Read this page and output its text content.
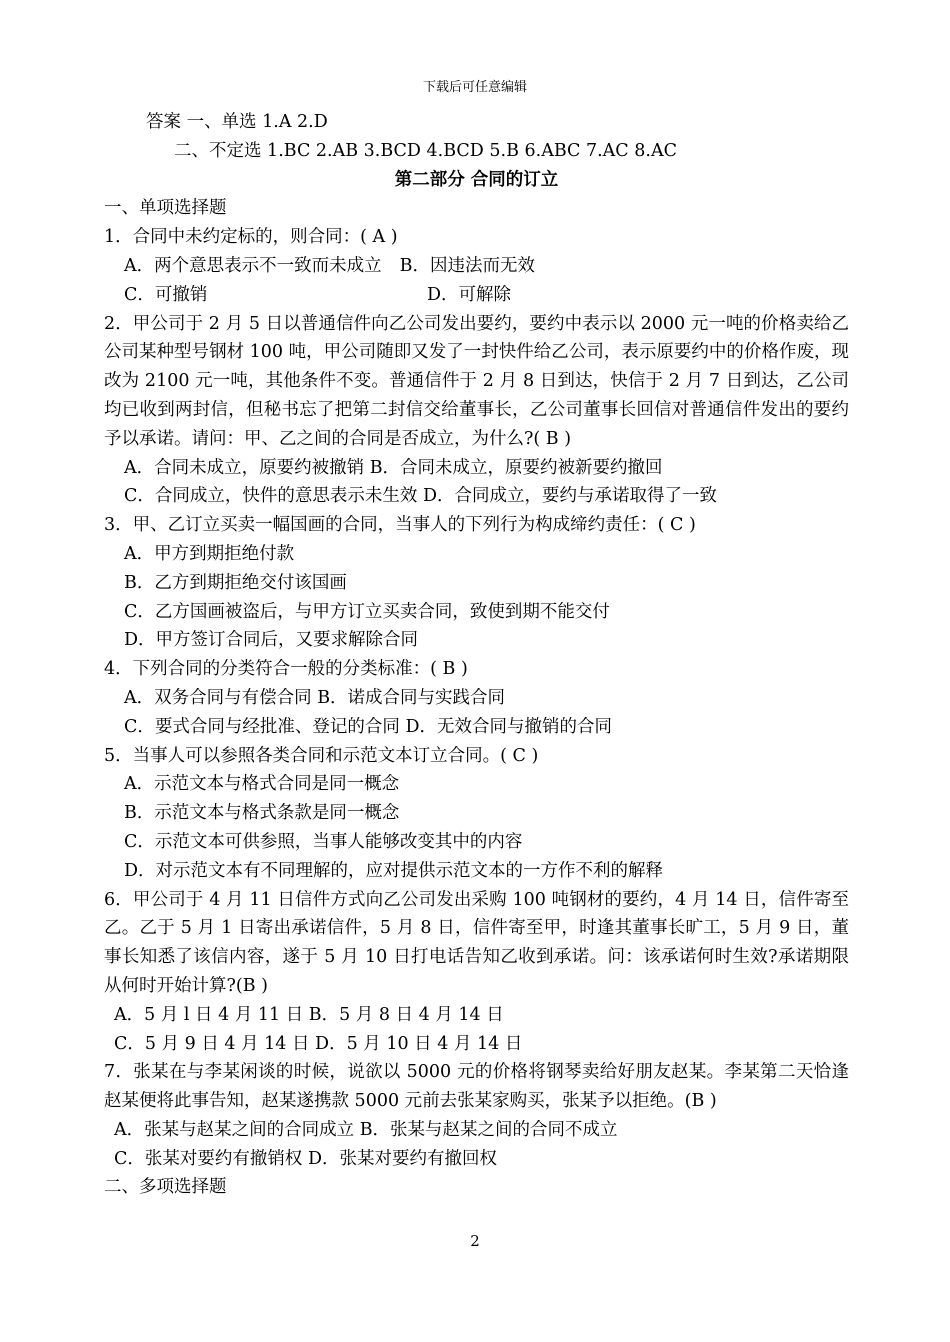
下载后可任意编辑
答案 一、单选 1.A 2.D
二、不定选 1.BC 2.AB 3.BCD 4.BCD 5.B 6.ABC 7.AC 8.AC
第二部分 合同的订立
一、单项选择题
1．合同中未约定标的，则合同：( A )
A．两个意思表示不一致而未成立 B．因违法而无效
C．可撤销	D．可解除
2．甲公司于 2 月 5 日以普通信件向乙公司发出要约，要约中表示以 2000 元一吨的价格卖给乙公司某种型号钢材 100 吨，甲公司随即又发了一封快件给乙公司，表示原要约中的价格作废，现改为 2100 元一吨，其他条件不变。普通信件于 2 月 8 日到达，快信于 2 月 7 日到达，乙公司均已收到两封信，但秘书忘了把第二封信交给董事长，乙公司董事长回信对普通信件发出的要约予以承诺。请问：甲、乙之间的合同是否成立，为什么?( B )
A．合同未成立，原要约被撤销 B．合同未成立，原要约被新要约撤回
C．合同成立，快件的意思表示未生效 D．合同成立，要约与承诺取得了一致
3．甲、乙订立买卖一幅国画的合同，当事人的下列行为构成缔约责任：( C )
A．甲方到期拒绝付款
B．乙方到期拒绝交付该国画
C．乙方国画被盗后，与甲方订立买卖合同，致使到期不能交付
D．甲方签订合同后，又要求解除合同
4．下列合同的分类符合一般的分类标准：( B )
A．双务合同与有偿合同 B．诺成合同与实践合同
C．要式合同与经批准、登记的合同 D．无效合同与撤销的合同
5．当事人可以参照各类合同和示范文本订立合同。( C )
A．示范文本与格式合同是同一概念
B．示范文本与格式条款是同一概念
C．示范文本可供参照，当事人能够改变其中的内容
D．对示范文本有不同理解的，应对提供示范文本的一方作不利的解释
6．甲公司于 4 月 11 日信件方式向乙公司发出采购 100 吨钢材的要约，4 月 14 日，信件寄至乙。乙于 5 月 1 日寄出承诺信件，5 月 8 日，信件寄至甲，时逢其董事长旷工，5 月 9 日，董事长知悉了该信内容，遂于 5 月 10 日打电话告知乙收到承诺。问：该承诺何时生效?承诺期限从何时开始计算?(B )
A．5 月 l 日 4 月 11 日 B．5 月 8 日 4 月 14 日
C．5 月 9 日 4 月 14 日 D．5 月 10 日 4 月 14 日
7．张某在与李某闲谈的时候，说欲以 5000 元的价格将钢琴卖给好朋友赵某。李某第二天恰逢赵某便将此事告知，赵某遂携款 5000 元前去张某家购买，张某予以拒绝。(B )
A．张某与赵某之间的合同成立 B．张某与赵某之间的合同不成立
C．张某对要约有撤销权 D．张某对要约有撤回权
二、多项选择题
2
